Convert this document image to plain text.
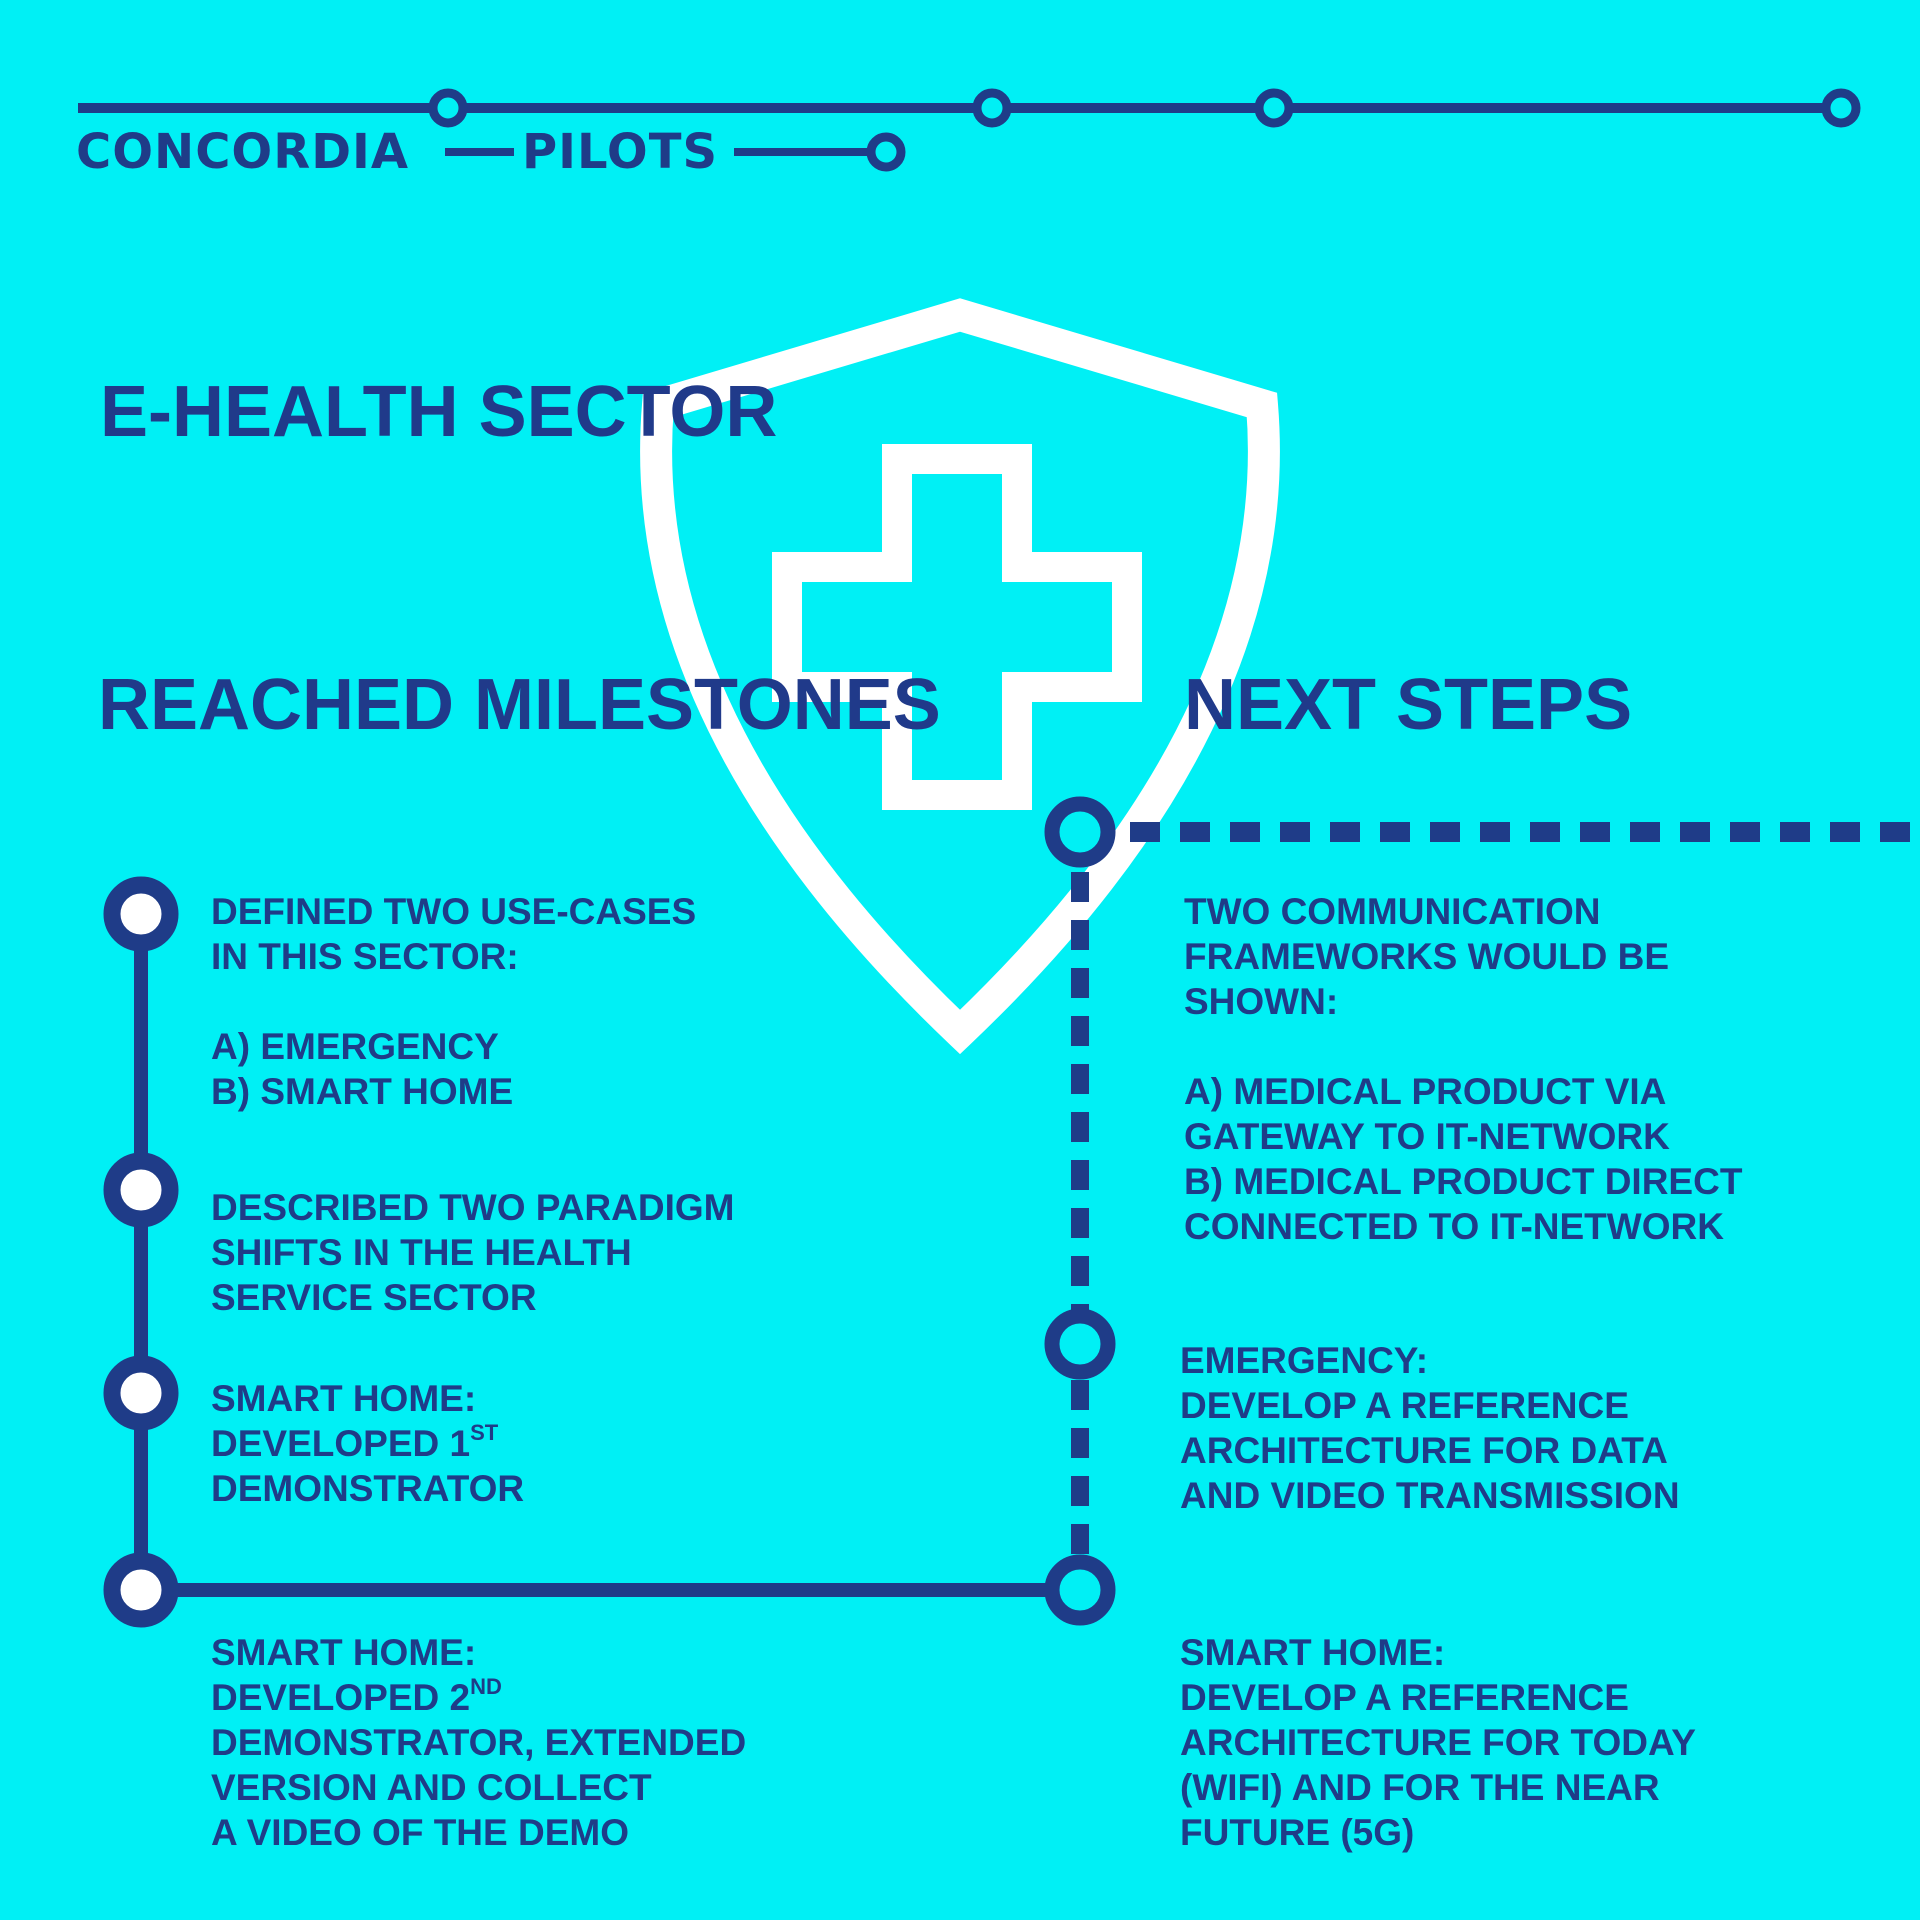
CONCORDIA PILOTS

E-HEALTH SECTOR
REACHED MILESTONES	NEXT STEPS

DEFINED TWO USE-CASES

IN THIS SECTOR:

A) EMERGENCY

B) SMART HOME

DESCRIBED TWO PARADIGM

SHIFTS IN THE HEALTH

SERVICE SECTOR

SMART HOME:

DEVELOPED 1ST

DEMONSTRATOR

SMART HOME:

DEVELOPED 2ND

DEMONSTRATOR, EXTENDED

VERSION AND COLLECT

A VIDEO OF THE DEMO

TWO COMMUNICATION

FRAMEWORKS WOULD BE

SHOWN:

A) MEDICAL PRODUCT VIA

GATEWAY TO IT-NETWORK

B) MEDICAL PRODUCT DIRECT

CONNECTED TO IT-NETWORK

EMERGENCY:

DEVELOP A REFERENCE

ARCHITECTURE FOR DATA

AND VIDEO TRANSMISSION

SMART HOME:

DEVELOP A REFERENCE

ARCHITECTURE FOR TODAY

(WIFI) AND FOR THE NEAR

FUTURE (5G)
